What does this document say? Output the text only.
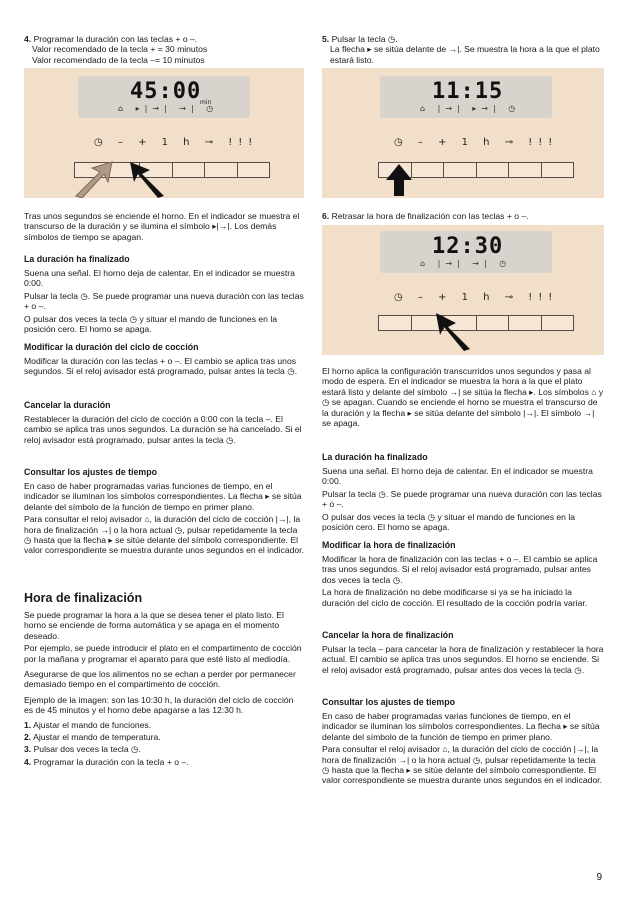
4. Programar la duración con las teclas + o –.
Valor recomendado de la tecla + = 30 minutos
Valor recomendado de la tecla –= 10 minutos
45:00
min
⌂ ▸|→| →| ◷
◷ – + 1 h ⊸ !!!

Tras unos segundos se enciende el horno. En el indicador se muestra el transcurso de la duración y se ilumina el símbolo ▸|→|. Los demás símbolos de tiempo se apagan.

La duración ha finalizado

Suena una señal. El horno deja de calentar. En el indicador se muestra 0:00.

Pulsar la tecla ◷. Se puede programar una nueva duración con las teclas + o –.

O pulsar dos veces la tecla ◷ y situar el mando de funciones en la posición cero. El horno se apaga.

Modificar la duración del ciclo de cocción

Modificar la duración con las teclas + o –. El cambio se aplica tras unos segundos. Si el reloj avisador está programado, pulsar antes la tecla ◷.

Cancelar la duración

Restablecer la duración del ciclo de cocción a 0:00 con la tecla –. El cambio se aplica tras unos segundos. La duración se ha cancelado. Si el reloj avisador está programado, pulsar antes la tecla ◷.

Consultar los ajustes de tiempo

En caso de haber programadas varias funciones de tiempo, en el indicador se iluminan los símbolos correspondientes. La flecha ▸ se sitúa delante del símbolo de la función de tiempo en primer plano.

Para consultar el reloj avisador ⌂, la duración del ciclo de cocción |→|, la hora de finalización →| o la hora actual ◷, pulsar repetidamente la tecla ◷ hasta que la flecha ▸ se sitúe delante del símbolo correspondiente. El valor correspondiente se muestra durante unos segundos en el indicador.

Hora de finalización

Se puede programar la hora a la que se desea tener el plato listo. El horno se enciende de forma automática y se apaga en el momento deseado.

Por ejemplo, se puede introducir el plato en el compartimento de cocción por la mañana y programar el aparato para que esté listo al mediodía.

Asegurarse de que los alimentos no se echan a perder por permanecer demasiado tiempo en el compartimento de cocción.

Ejemplo de la imagen: son las 10:30 h, la duración del ciclo de cocción es de 45 minutos y el horno debe apagarse a las 12:30 h.

1. Ajustar el mando de funciones.

2. Ajustar el mando de temperatura.

3. Pulsar dos veces la tecla ◷.

4. Programar la duración con la tecla + o –.

5. Pulsar la tecla ◷.
La flecha ▸ se sitúa delante de →|. Se muestra la hora a la que el plato estará listo.
11:15
⌂ |→| ▸→| ◷
◷ – + 1 h ⊸ !!!
6. Retrasar la hora de finalización con las teclas + o –.
12:30
⌂ |→| →| ◷
◷ – + 1 h ⊸ !!!

El horno aplica la configuración transcurridos unos segundos y pasa al modo de espera. En el indicador se muestra la hora a la que el plato estará listo y delante del símbolo →| se sitúa la flecha ▸. Los símbolos ⌂ y ◷ se apagan. Cuando se enciende el horno se muestra el transcurso de la duración y la flecha ▸ se sitúa delante del símbolo |→|. El símbolo →| se apaga.

La duración ha finalizado

Suena una señal. El horno deja de calentar. En el indicador se muestra 0:00.

Pulsar la tecla ◷. Se puede programar una nueva duración con las teclas + o –.

O pulsar dos veces la tecla ◷ y situar el mando de funciones en la posición cero. El horno se apaga.

Modificar la hora de finalización

Modificar la hora de finalización con las teclas + o –. El cambio se aplica tras unos segundos. Si el reloj avisador está programado, pulsar antes dos veces la tecla ◷.

La hora de finalización no debe modificarse si ya se ha iniciado la duración del ciclo de cocción. El resultado de la cocción podría variar.

Cancelar la hora de finalización

Pulsar la tecla – para cancelar la hora de finalización y restablecer la hora actual. El cambio se aplica tras unos segundos. El horno se enciende. Si el reloj avisador está programado, pulsar antes dos veces la tecla ◷.

Consultar los ajustes de tiempo

En caso de haber programadas varias funciones de tiempo, en el indicador se iluminan los símbolos correspondientes. La flecha ▸ se sitúa delante del símbolo de la función de tiempo en primer plano.

Para consultar el reloj avisador ⌂, la duración del ciclo de cocción |→|, la hora de finalización →| o la hora actual ◷, pulsar repetidamente la tecla ◷ hasta que la flecha ▸ se sitúe delante del símbolo correspondiente. El valor correspondiente se muestra durante unos segundos en el indicador.

9
